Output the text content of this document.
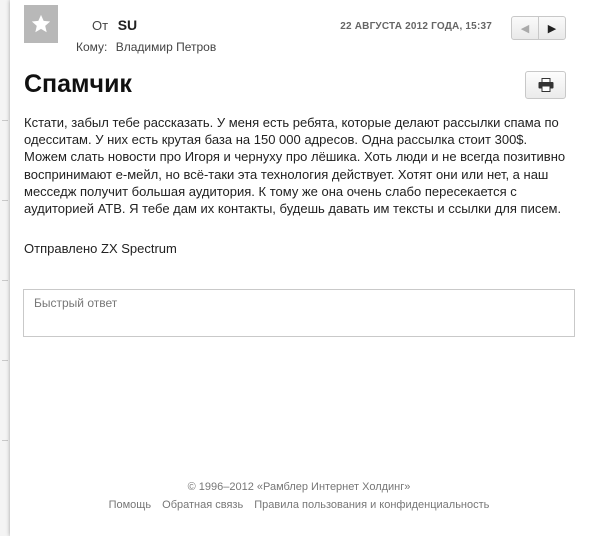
От SU
Кому: Владимир Петров
22 АВГУСТА 2012 ГОДА, 15:37	◀ ▶
Спамчик

Кстати, забыл тебе рассказать. У меня есть ребята, которые делают рассылки спама по одесситам. У них есть крутая база на 150 000 адресов. Одна рассылка стоит 300$. Можем слать новости про Игоря и чернуху про лёшика. Хоть люди и не всегда позитивно воспринимают е-мейл, но всё-таки эта технология действует. Хотят они или нет, а наш месседж получит большая аудитория. К тому же она очень слабо пересекается с аудиторией АТВ. Я тебе дам их контакты, будешь давать им тексты и ссылки для писем.

Отправлено ZX Spectrum

Быстрый ответ
© 1996–2012 «Рамблер Интернет Холдинг»
Помощь Обратная связь Правила пользования и конфиденциальность
